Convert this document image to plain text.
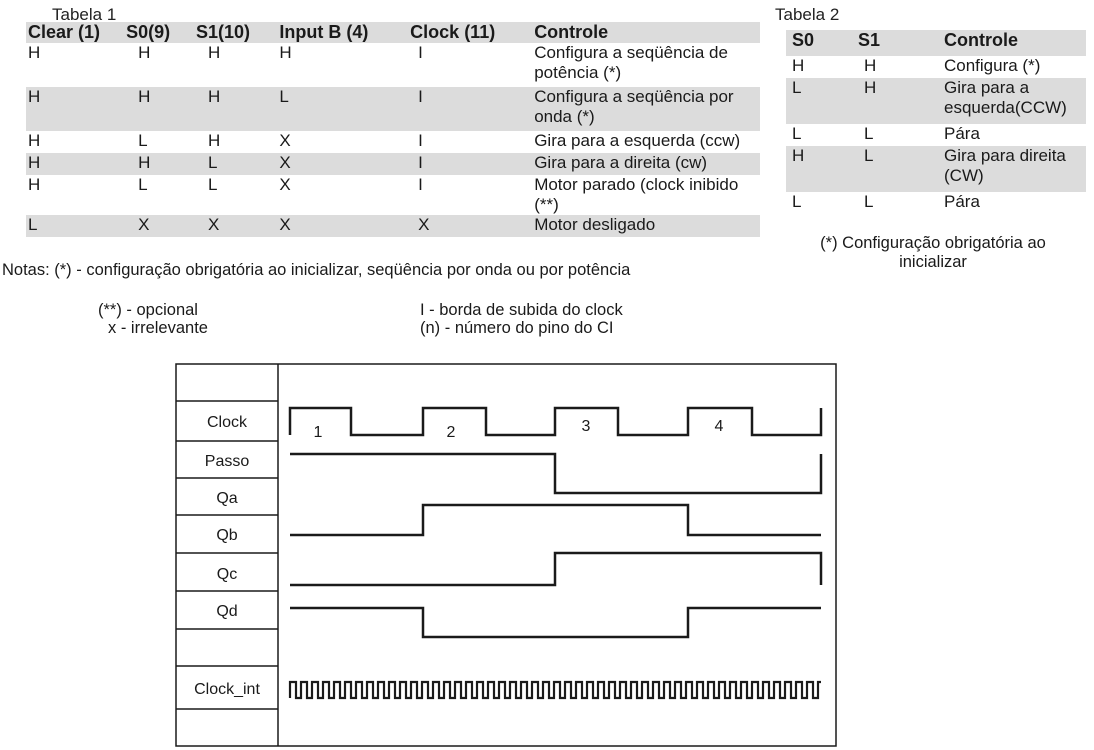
Tabela 1
Clear (1)	S0(9)	S1(10)	Input B (4)	Clock (11)	Controle
H	H	H	H	I	Configura a seqüência de potência (*)
H	H	H	L	I	Configura a seqüência por onda (*)
H	L	H	X	I	Gira para a esquerda (ccw)
H	H	L	X	I	Gira para a direita (cw)
H	L	L	X	I	Motor parado (clock inibido (**)
L	X	X	X	X	Motor desligado
Tabela 2
S0	S1	Controle
H	H	Configura (*)
L	H	Gira para a esquerda(CCW)
L	L	Pára
H	L	Gira para direita (CW)
L	L	Pára
(*) Configuração obrigatória ao inicializar
Notas: (*) - configuração obrigatória ao inicializar, seqüência por onda ou por potência
(**) - opcional
x - irrelevante
I - borda de subida do clock
(n) - número do pino do CI
Clock
Passo
Qa
Qb
Qc
Qd
Clock_int
1	2	3	4
